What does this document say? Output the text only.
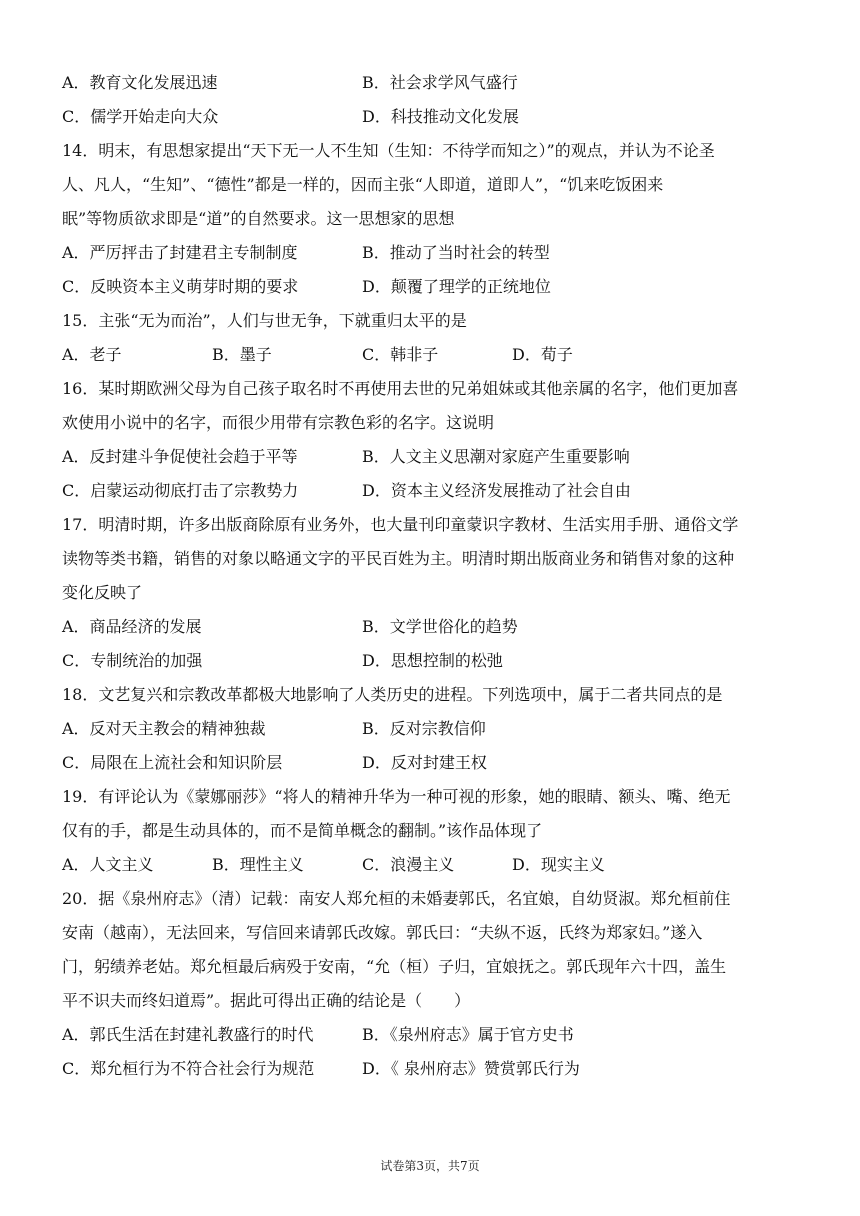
A．教育文化发展迅速	B．社会求学风气盛行
C．儒学开始走向大众	D．科技推动文化发展
14．明末，有思想家提出“天下无一人不生知（生知：不待学而知之）”的观点，并认为不论圣
人、凡人，“生知”、“德性”都是一样的，因而主张“人即道，道即人”，“饥来吃饭困来
眠”等物质欲求即是“道”的自然要求。这一思想家的思想
A．严厉抨击了封建君主专制制度	B．推动了当时社会的转型
C．反映资本主义萌芽时期的要求	D．颠覆了理学的正统地位
15．主张“无为而治”，人们与世无争，下就重归太平的是
A．老子	B．墨子	C．韩非子	D．荀子
16．某时期欧洲父母为自己孩子取名时不再使用去世的兄弟姐妹或其他亲属的名字，他们更加喜
欢使用小说中的名字，而很少用带有宗教色彩的名字。这说明
A．反封建斗争促使社会趋于平等	B．人文主义思潮对家庭产生重要影响
C．启蒙运动彻底打击了宗教势力	D．资本主义经济发展推动了社会自由
17．明清时期，许多出版商除原有业务外，也大量刊印童蒙识字教材、生活实用手册、通俗文学
读物等类书籍，销售的对象以略通文字的平民百姓为主。明清时期出版商业务和销售对象的这种
变化反映了
A．商品经济的发展	B．文学世俗化的趋势
C．专制统治的加强	D．思想控制的松弛
18．文艺复兴和宗教改革都极大地影响了人类历史的进程。下列选项中，属于二者共同点的是
A．反对天主教会的精神独裁	B．反对宗教信仰
C．局限在上流社会和知识阶层	D．反对封建王权
19．有评论认为《蒙娜丽莎》“将人的精神升华为一种可视的形象，她的眼睛、额头、嘴、绝无
仅有的手，都是生动具体的，而不是简单概念的翻制。”该作品体现了
A．人文主义	B．理性主义	C．浪漫主义	D．现实主义
20．据《泉州府志》（清）记载：南安人郑允桓的未婚妻郭氏，名宜娘，自幼贤淑。郑允桓前住
安南（越南），无法回来，写信回来请郭氏改嫁。郭氏曰：“夫纵不返，氏终为郑家妇。”遂入
门，躬绩养老姑。郑允桓最后病殁于安南，“允（桓）子归，宜娘抚之。郭氏现年六十四，盖生
平不识夫而终妇道焉”。据此可得出正确的结论是（　　）
A．郭氏生活在封建礼教盛行的时代	B．《泉州府志》属于官方史书
C．郑允桓行为不符合社会行为规范	D．《 泉州府志》赞赏郭氏行为
试卷第3页，共7页
